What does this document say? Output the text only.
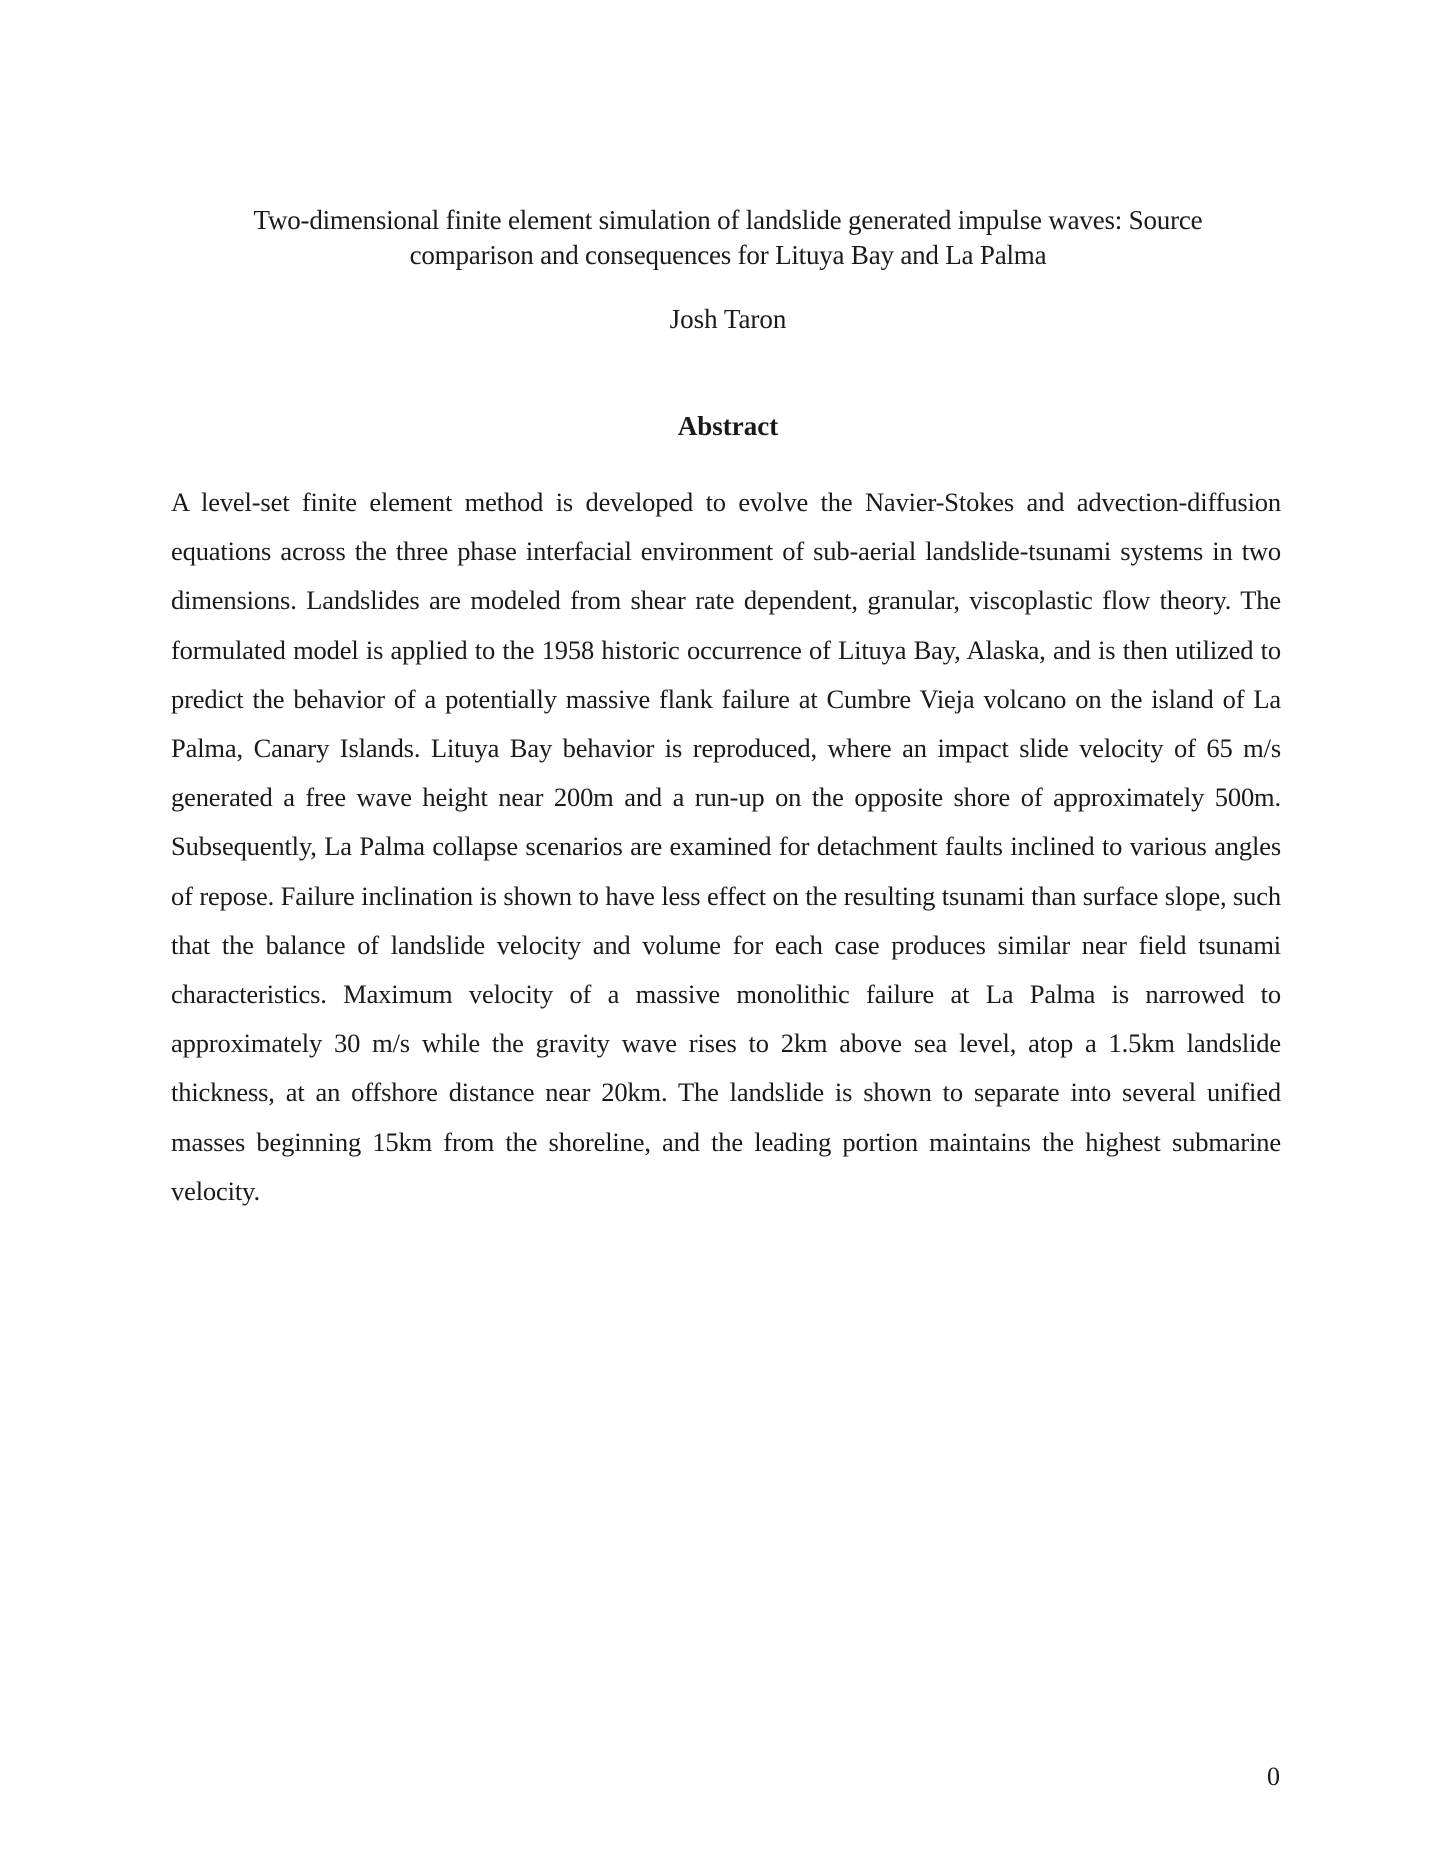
Two-dimensional finite element simulation of landslide generated impulse waves: Source comparison and consequences for Lituya Bay and La Palma
Josh Taron
Abstract
A level-set finite element method is developed to evolve the Navier-Stokes and advection-diffusion equations across the three phase interfacial environment of sub-aerial landslide-tsunami systems in two dimensions. Landslides are modeled from shear rate dependent, granular, viscoplastic flow theory. The formulated model is applied to the 1958 historic occurrence of Lituya Bay, Alaska, and is then utilized to predict the behavior of a potentially massive flank failure at Cumbre Vieja volcano on the island of La Palma, Canary Islands. Lituya Bay behavior is reproduced, where an impact slide velocity of 65 m/s generated a free wave height near 200m and a run-up on the opposite shore of approximately 500m. Subsequently, La Palma collapse scenarios are examined for detachment faults inclined to various angles of repose. Failure inclination is shown to have less effect on the resulting tsunami than surface slope, such that the balance of landslide velocity and volume for each case produces similar near field tsunami characteristics. Maximum velocity of a massive monolithic failure at La Palma is narrowed to approximately 30 m/s while the gravity wave rises to 2km above sea level, atop a 1.5km landslide thickness, at an offshore distance near 20km. The landslide is shown to separate into several unified masses beginning 15km from the shoreline, and the leading portion maintains the highest submarine velocity.
0
